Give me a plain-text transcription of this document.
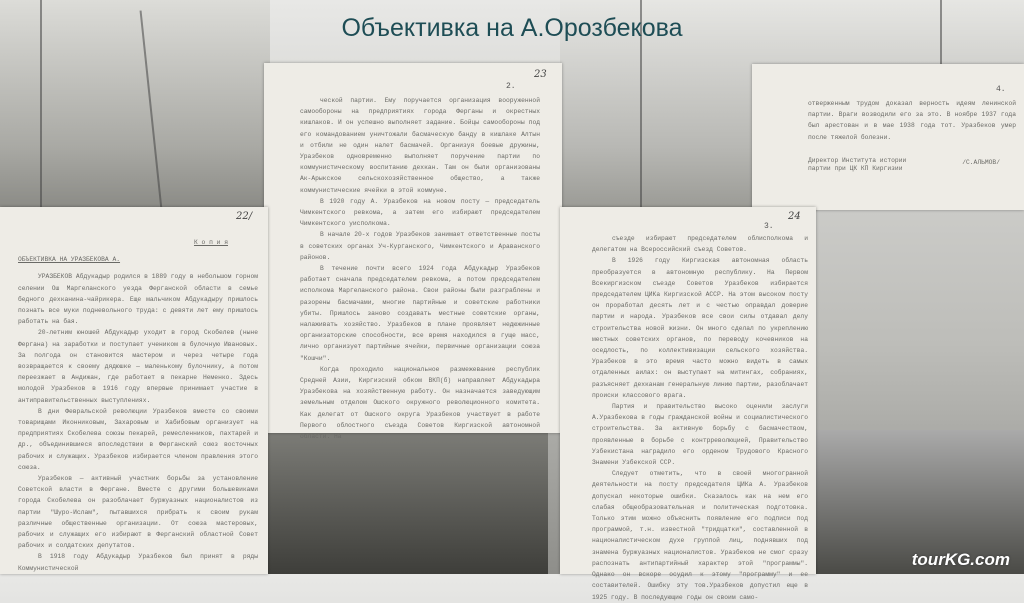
Объективка на А.Орозбекова
2.
23

ческой партии. Ему поручается организация вооруженной самообороны на предприятиях города Ферганы и окрестных кишлаков. И он успешно выполняет задание. Бойцы самообороны под его командованием уничтожали басмаческую банду в кишлаке Алтын и отбили не один налет басмачей. Организуя боевые дружины, Уразбеков одновременно выполняет поручение партии по коммунистическому воспитанию дехкан. Там он были организованы Ак-Арыкское сельскохозяйственное общество, а также коммунистические ячейки в этой коммуне.

В 1920 году А. Уразбеков на новом посту — председатель Чимкентского ревкома, а затем его избирают председателем Чимкентского уисполкома.

В начале 20-х годов Уразбеков занимает ответственные посты в советских органах Уч-Курганского, Чимкентского и Араванского районов.

В течение почти всего 1924 года Абдукадыр Уразбеков работает сначала председателем ревкома, а потом председателем исполкома Маргеланского района. Свои районы были разграблены и разорены басмачами, многие партийные и советские работники убиты. Пришлось заново создавать местные советские органы, налаживать хозяйство. Уразбеков в плане проявляет недюжинные организаторские способности, все время находился в гуще масс, лично организует партийные ячейки, первичные организации союза "Кошчи".

Когда проходило национальное размежевание республик Средней Азии, Киргизский обком ВКП(б) направляет Абдукадыра Уразбекова на хозяйственную работу. Он назначается заведующим земельным отделом Ошского окружного революционного комитета. Как делегат от Ошского округа Уразбеков участвует в работе Первого облостного съезда Советов Киргизской автономной области. На

4.

отверженным трудом доказал верность идеям ленинской партии. Враги возводили его за это. В ноябре 1937 года был арестован и в мае 1938 года тот. Уразбеков умер после тяжелой болезни.

Директор Института истории партии при ЦК КП Киргизии
/С.АЛЬМОВ/
22/

К о п и я

ОБЪЕКТИВКА НА УРАЗБЕКОВА А.

УРАЗБЕКОВ Абдукадыр родился в 1889 году в небольшом горном селении Ош Маргеланского уезда Ферганской области в семье бедного дехканина-чайрикера. Еще мальчиком Абдукадыру пришлось познать все муки подневольного труда: с девяти лет ему пришлось работать на бая.

20-летним юношей Абдукадыр уходит в город Скобелев (ныне Фергана) на заработки и поступает учеником в булочную Ивановых. За полгода он становится мастером и через четыре года возвращается к своему дядюшке — маленькому булочнику, а потом переезжает в Андижан, где работает в пекарне Неменко. Здесь молодой Уразбеков в 1916 году впервые принимает участие в антиправительственных выступлениях.

В дни Февральской революции Уразбеков вместе со своими товарищами Иконниковым, Захаровым и Хабибовым организует на предприятиях Скобелева союзы пекарей, ремесленников, пахтарей и др., объединившиеся впоследствии в Ферганский союз восточных рабочих и служащих. Уразбеков избирается членом правления этого союза.

Уразбеков — активный участник борьбы за установление Советской власти в Фергане. Вместе с другими большевиками города Скобелева он разоблачает буржуазных националистов из партии "Шуро-Ислам", пытавшихся прибрать к своим рукам различные общественные организации. От союза мастеровых, рабочих и служащих его избирают в Ферганский областной Совет рабочих и солдатских депутатов.

В 1918 году Абдукадыр Уразбеков был принят в ряды Коммунистической

3.
24

съезде избирают председателем облисполкома и делегатом на Всероссийский съезд Советов.

В 1926 году Киргизская автономная область преобразуется в автономную республику. На Первом Всекиргизском съезде Советов Уразбеков избирается председателем ЦИКа Киргизской АССР. На этом высоком посту он проработал десять лет и с честью оправдал доверие партии и народа. Уразбеков все свои силы отдавал делу строительства новой жизни. Он много сделал по укреплению местных советских органов, по переводу кочевников на оседлость, по коллективизации сельского хозяйства. Уразбеков в это время часто можно видеть в самых отдаленных аилах: он выступает на митингах, собраниях, разъясняет дехканам генеральную линию партии, разоблачает происки классового врага.

Партия и правительство высоко оценили заслуги А.Уразбекова в годы гражданской войны и социалистического строительства. За активную борьбу с басмачеством, проявленные в борьбе с контрреволюцией, Правительство Узбекистана наградило его орденом Трудового Красного Знамени Узбекской ССР.

Следует отметить, что в своей многогранной деятельности на посту председателя ЦИКа А. Уразбеков допускал некоторые ошибки. Сказалось как на нем его слабая общеобразовательная и политическая подготовка. Только этим можно объяснить появление его подписи под программой, т.н. известной "тридцатки", составленной в националистическом духе группой лиц, поднявших под знамена буржуазных националистов. Уразбеков не смог сразу распознать антипартийный характер этой "программы". Однако он вскоре осудил к этому "программу" и ее составителей. Ошибку эту тов.Уразбеков допустил еще в 1925 году. В последующие годы он своим само-

tourKG.com
